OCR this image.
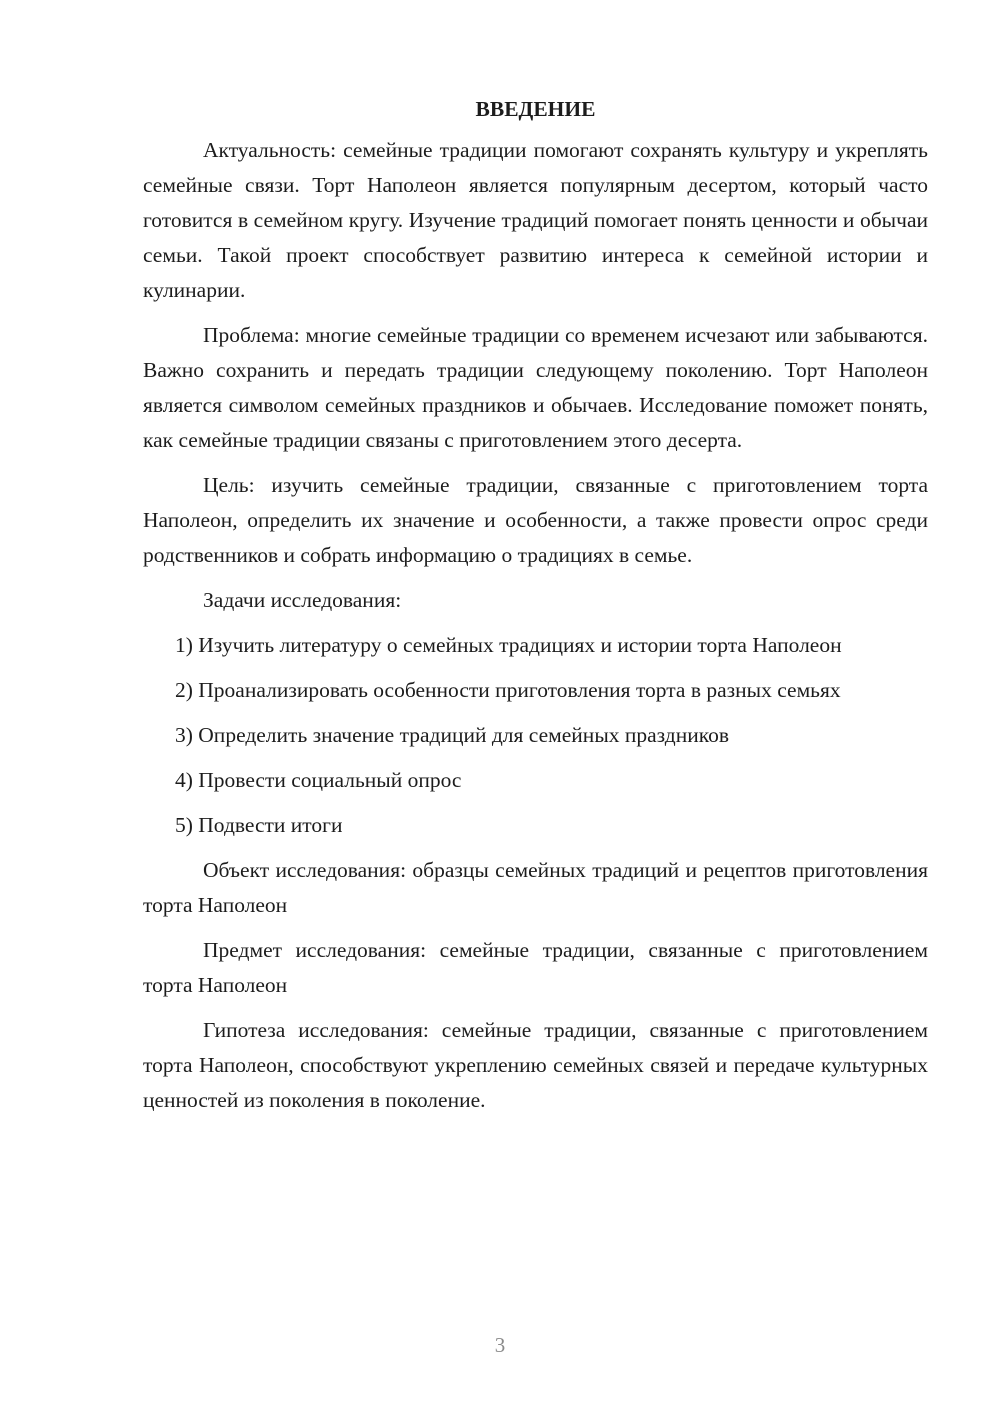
ВВЕДЕНИЕ

Актуальность: семейные традиции помогают сохранять культуру и укреплять семейные связи. Торт Наполеон является популярным десертом, который часто готовится в семейном кругу. Изучение традиций помогает понять ценности и обычаи семьи. Такой проект способствует развитию интереса к семейной истории и кулинарии.

Проблема: многие семейные традиции со временем исчезают или забываются. Важно сохранить и передать традиции следующему поколению. Торт Наполеон является символом семейных праздников и обычаев. Исследование поможет понять, как семейные традиции связаны с приготовлением этого десерта.

Цель: изучить семейные традиции, связанные с приготовлением торта Наполеон, определить их значение и особенности, а также провести опрос среди родственников и собрать информацию о традициях в семье.

Задачи исследования:

1) Изучить литературу о семейных традициях и истории торта Наполеон

2) Проанализировать особенности приготовления торта в разных семьях

3) Определить значение традиций для семейных праздников

4) Провести социальный опрос

5) Подвести итоги

Объект исследования: образцы семейных традиций и рецептов приготовления торта Наполеон

Предмет исследования: семейные традиции, связанные с приготовлением торта Наполеон

Гипотеза исследования: семейные традиции, связанные с приготовлением торта Наполеон, способствуют укреплению семейных связей и передаче культурных ценностей из поколения в поколение.

3
